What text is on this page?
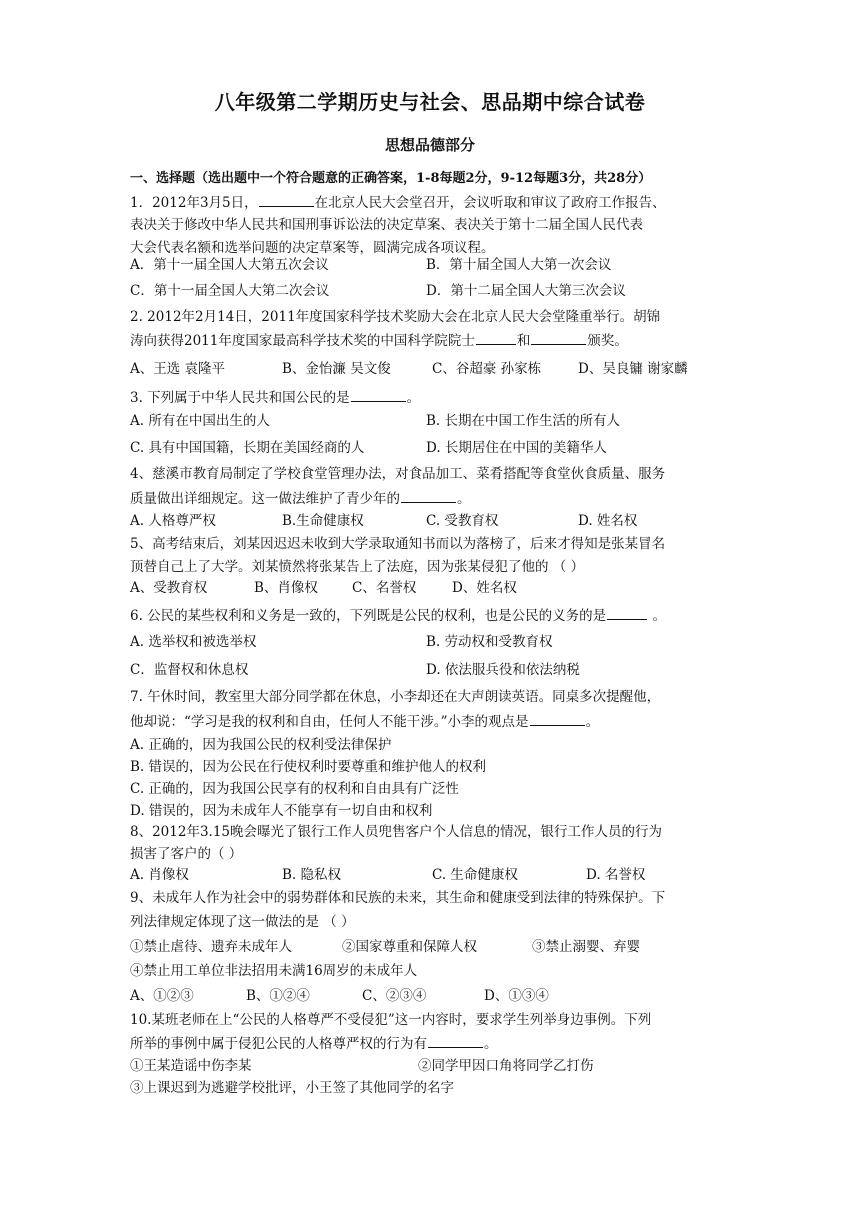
八年级第二学期历史与社会、思品期中综合试卷
思想品德部分
一、选择题（选出题中一个符合题意的正确答案，1-8每题2分，9-12每题3分，共28分）
1．2012年3月5日，	在北京人民大会堂召开，会议听取和审议了政府工作报告、
表决关于修改中华人民共和国刑事诉讼法的决定草案、表决关于第十二届全国人民代表
大会代表名额和选举问题的决定草案等，圆满完成各项议程。
A．第十一届全国人大第五次会议	B．第十届全国人大第一次会议
C．第十一届全国人大第二次会议	D．第十二届全国人大第三次会议
2. 2012年2月14日，2011年度国家科学技术奖励大会在北京人民大会堂隆重举行。胡锦
涛向获得2011年度国家最高科学技术奖的中国科学院院士	和	颁奖。
A、王选 袁隆平	B、金怡濂 吴文俊	C、谷超豪 孙家栋	D、吴良镛 谢家麟
3. 下列属于中华人民共和国公民的是	。
A. 所有在中国出生的人	B. 长期在中国工作生活的所有人
C. 具有中国国籍，长期在美国经商的人	D. 长期居住在中国的美籍华人
4、慈溪市教育局制定了学校食堂管理办法，对食品加工、菜肴搭配等食堂伙食质量、服务
质量做出详细规定。这一做法维护了青少年的	。
A. 人格尊严权	B.生命健康权	C. 受教育权	D. 姓名权
5、高考结束后，刘某因迟迟未收到大学录取通知书而以为落榜了，后来才得知是张某冒名
顶替自己上了大学。刘某愤然将张某告上了法庭，因为张某侵犯了他的 （ ）
A、受教育权	B、肖像权	C、名誉权	D、姓名权
6. 公民的某些权利和义务是一致的，下列既是公民的权利，也是公民的义务的是	。
A. 选举权和被选举权	B. 劳动权和受教育权
C．监督权和休息权	D. 依法服兵役和依法纳税
7. 午休时间，教室里大部分同学都在休息，小李却还在大声朗读英语。同桌多次提醒他，
他却说：“学习是我的权利和自由，任何人不能干涉。”小李的观点是	。
A. 正确的，因为我国公民的权利受法律保护
B. 错误的，因为公民在行使权利时要尊重和维护他人的权利
C. 正确的，因为我国公民享有的权利和自由具有广泛性
D. 错误的，因为未成年人不能享有一切自由和权利
8、2012年3.15晚会曝光了银行工作人员兜售客户个人信息的情况，银行工作人员的行为
损害了客户的（ ）
A. 肖像权	B. 隐私权	C. 生命健康权	D. 名誉权
9、未成年人作为社会中的弱势群体和民族的未来，其生命和健康受到法律的特殊保护。下
列法律规定体现了这一做法的是 （ ）
①禁止虐待、遗弃未成年人	②国家尊重和保障人权	③禁止溺婴、弃婴
④禁止用工单位非法招用未满16周岁的未成年人
A、①②③	B、①②④	C、②③④	D、①③④
10.某班老师在上“公民的人格尊严不受侵犯”这一内容时，要求学生列举身边事例。下列
所举的事例中属于侵犯公民的人格尊严权的行为有	。
①王某造谣中伤李某	②同学甲因口角将同学乙打伤
③上课迟到为逃避学校批评，小王签了其他同学的名字
